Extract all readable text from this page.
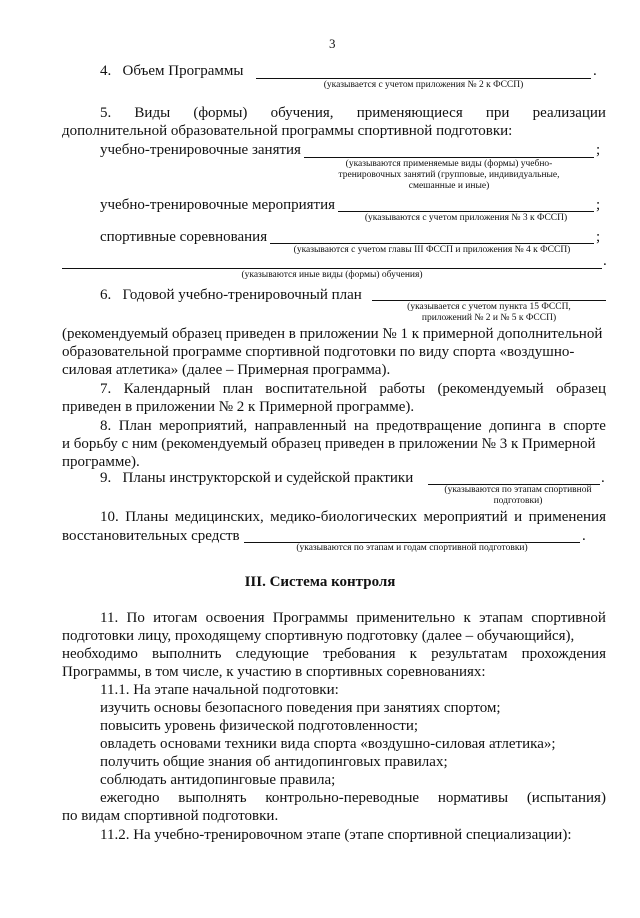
3
4.   Объем Программы	.
(указывается с учетом приложения № 2 к ФССП)
5. Виды (формы) обучения, применяющиеся при реализации
дополнительной образовательной программы спортивной подготовки:
учебно-тренировочные занятия	;
(указываются применяемые виды (формы) учебно-
тренировочных занятий (групповые, индивидуальные,
смешанные и иные)
учебно-тренировочные мероприятия	;
(указываются с учетом приложения № 3 к ФССП)
спортивные соревнования	;
(указываются с учетом главы III ФССП и приложения № 4 к ФССП)
.
(указываются иные виды (формы) обучения)
6.   Годовой учебно-тренировочный план
(указывается с учетом пункта 15 ФССП,
приложений № 2 и № 5 к ФССП)
(рекомендуемый образец приведен в приложении № 1 к примерной дополнительной
образовательной программе спортивной подготовки по виду спорта «воздушно-
силовая атлетика» (далее – Примерная программа).
7. Календарный план воспитательной работы (рекомендуемый образец
приведен в приложении № 2 к Примерной программе).
8. План мероприятий, направленный на предотвращение допинга в спорте
и борьбу с ним (рекомендуемый образец приведен в приложении № 3 к Примерной
программе).
9.   Планы инструкторской и судейской практики	.
(указываются по этапам спортивной
подготовки)
10. Планы медицинских, медико-биологических мероприятий и применения
восстановительных средств	.
(указываются по этапам и годам спортивной подготовки)
III. Система контроля
11. По итогам освоения Программы применительно к этапам спортивной
подготовки лицу, проходящему спортивную подготовку (далее – обучающийся),
необходимо выполнить следующие требования к результатам прохождения
Программы, в том числе, к участию в спортивных соревнованиях:
11.1. На этапе начальной подготовки:
изучить основы безопасного поведения при занятиях спортом;
повысить уровень физической подготовленности;
овладеть основами техники вида спорта «воздушно-силовая атлетика»;
получить общие знания об антидопинговых правилах;
соблюдать антидопинговые правила;
ежегодно выполнять контрольно-переводные нормативы (испытания)
по видам спортивной подготовки.
11.2. На учебно-тренировочном этапе (этапе спортивной специализации):
